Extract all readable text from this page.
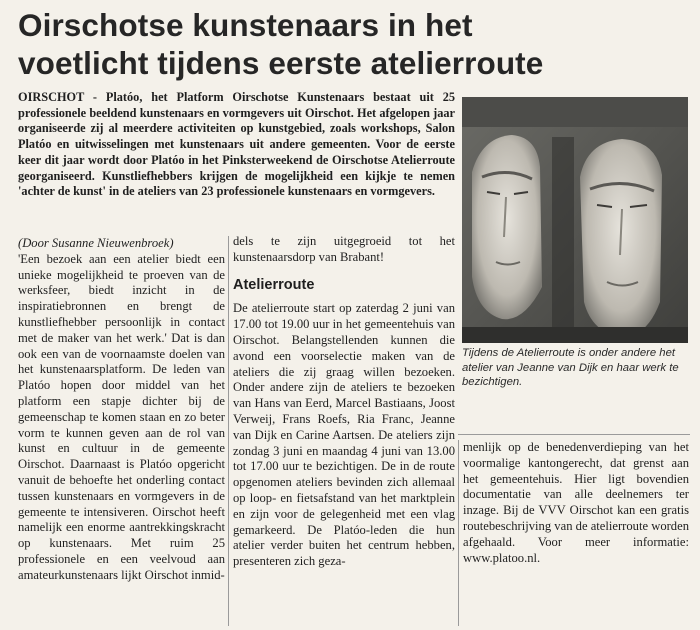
Oirschotse kunstenaars in het
voetlicht tijdens eerste atelierroute
OIRSCHOT - Platóo, het Platform Oirschotse Kunstenaars bestaat uit 25 professionele beeldend kunstenaars en vormgevers uit Oirschot. Het afgelopen jaar organiseerde zij al meerdere activiteiten op kunstgebied, zoals workshops, Salon Platóo en uitwisselingen met kunstenaars uit andere gemeenten. Voor de eerste keer dit jaar wordt door Platóo in het Pinksterweekend de Oirschotse Atelierroute georganiseerd. Kunstliefhebbers krijgen de mogelijkheid een kijkje te nemen 'achter de kunst' in de ateliers van 23 professionele kunstenaars en vormgevers.
Tijdens de Atelierroute is onder andere het atelier van Jeanne van Dijk en haar werk te bezichtigen.

(Door Susanne Nieuwenbroek)

'Een bezoek aan een atelier biedt een unieke mogelijkheid te proeven van de werksfeer, biedt inzicht in de inspiratiebronnen en brengt de kunstliefhebber persoonlijk in contact met de maker van het werk.' Dat is dan ook een van de voornaamste doelen van het kunstenaarsplatform. De leden van Platóo hopen door middel van het platform een stapje dichter bij de gemeenschap te komen staan en zo beter vorm te kunnen geven aan de rol van kunst en cultuur in de gemeente Oirschot. Daarnaast is Platóo opgericht vanuit de behoefte het onderling contact tussen kunstenaars en vormgevers in de gemeente te intensiveren. Oirschot heeft namelijk een enorme aantrekkingskracht op kunstenaars. Met ruim 25 professionele en een veelvoud aan amateurkunstenaars lijkt Oirschot inmid-

dels te zijn uitgegroeid tot het kunstenaarsdorp van Brabant!

Atelierroute

De atelierroute start op zaterdag 2 juni van 17.00 tot 19.00 uur in het gemeentehuis van Oirschot. Belangstellenden kunnen die avond een voorselectie maken van de ateliers die zij graag willen bezoeken. Onder andere zijn de ateliers te bezoeken van Hans van Eerd, Marcel Bastiaans, Joost Verweij, Frans Roefs, Ria Franc, Jeanne van Dijk en Carine Aartsen. De ateliers zijn zondag 3 juni en maandag 4 juni van 13.00 tot 17.00 uur te bezichtigen. De in de route opgenomen ateliers bevinden zich allemaal op loop- en fietsafstand van het marktplein en zijn voor de gelegenheid met een vlag gemarkeerd. De Platóo-leden die hun atelier verder buiten het centrum hebben, presenteren zich geza-

menlijk op de benedenverdieping van het voormalige kantongerecht, dat grenst aan het gemeentehuis. Hier ligt bovendien documentatie van alle deelnemers ter inzage. Bij de VVV Oirschot kan een gratis routebeschrijving van de atelierroute worden afgehaald. Voor meer informatie: www.platoo.nl.
